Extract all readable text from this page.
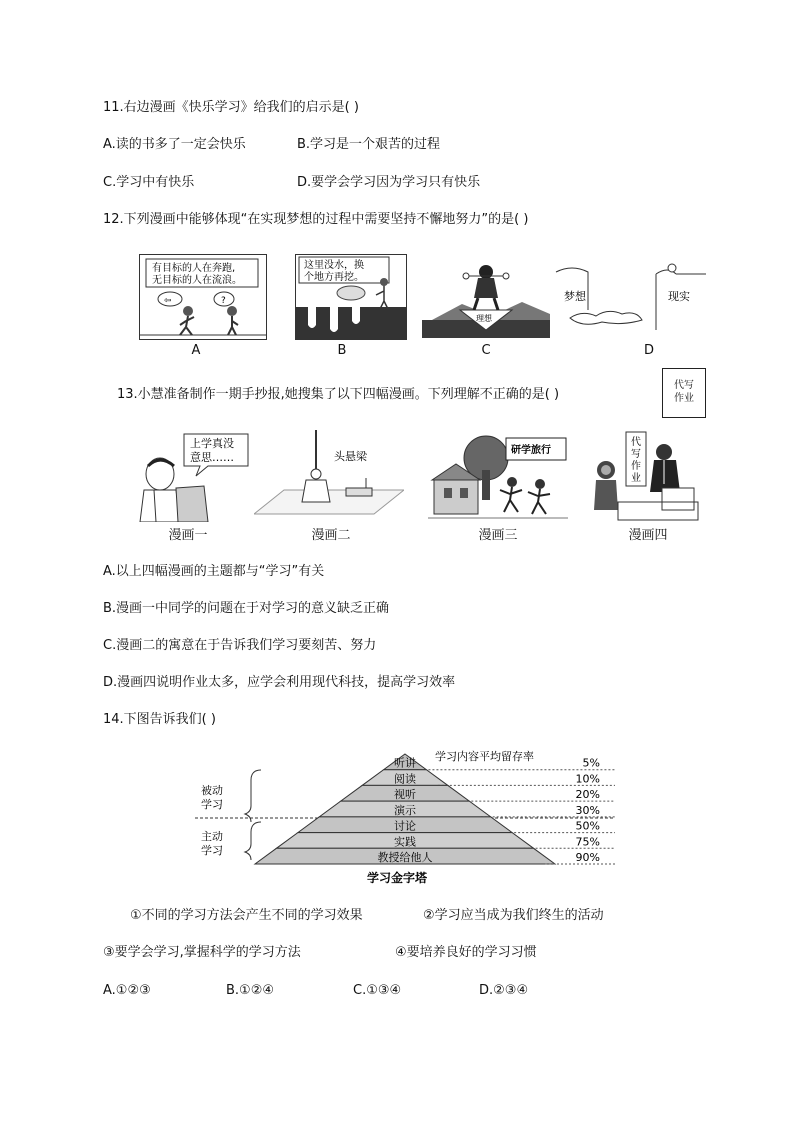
11.右边漫画《快乐学习》给我们的启示是( )
A.读的书多了一定会快乐	B.学习是一个艰苦的过程
C.学习中有快乐	D.要学会学习因为学习只有快乐
12.下列漫画中能够体现“在实现梦想的过程中需要坚持不懈地努力”的是( )
有目标的人在奔跑,
无目标的人在流浪。
⇦	?
A
这里没水，换
个地方再挖。
B
理想
C
梦想	现实
D
13.小慧准备制作一期手抄报,她搜集了以下四幅漫画。下列理解不正确的是( )
代写
作业
上学真没
意思……
漫画一
头悬梁
漫画二
研学旅行
漫画三
代
写
作
业
漫画四
A.以上四幅漫画的主题都与“学习”有关
B.漫画一中同学的问题在于对学习的意义缺乏正确
C.漫画二的寓意在于告诉我们学习要刻苦、努力
D.漫画四说明作业太多，应学会利用现代科技，提高学习效率
14.下图告诉我们( )
学习内容平均留存率
被动
学习
主动
学习
听讲	5%
阅读	10%
视听	20%
演示	30%
讨论	50%
实践	75%
教授给他人	90%
学习金字塔
①不同的学习方法会产生不同的学习效果	②学习应当成为我们终生的活动
③要学会学习,掌握科学的学习方法	④要培养良好的学习习惯
A.①②③	B.①②④	C.①③④	D.②③④
